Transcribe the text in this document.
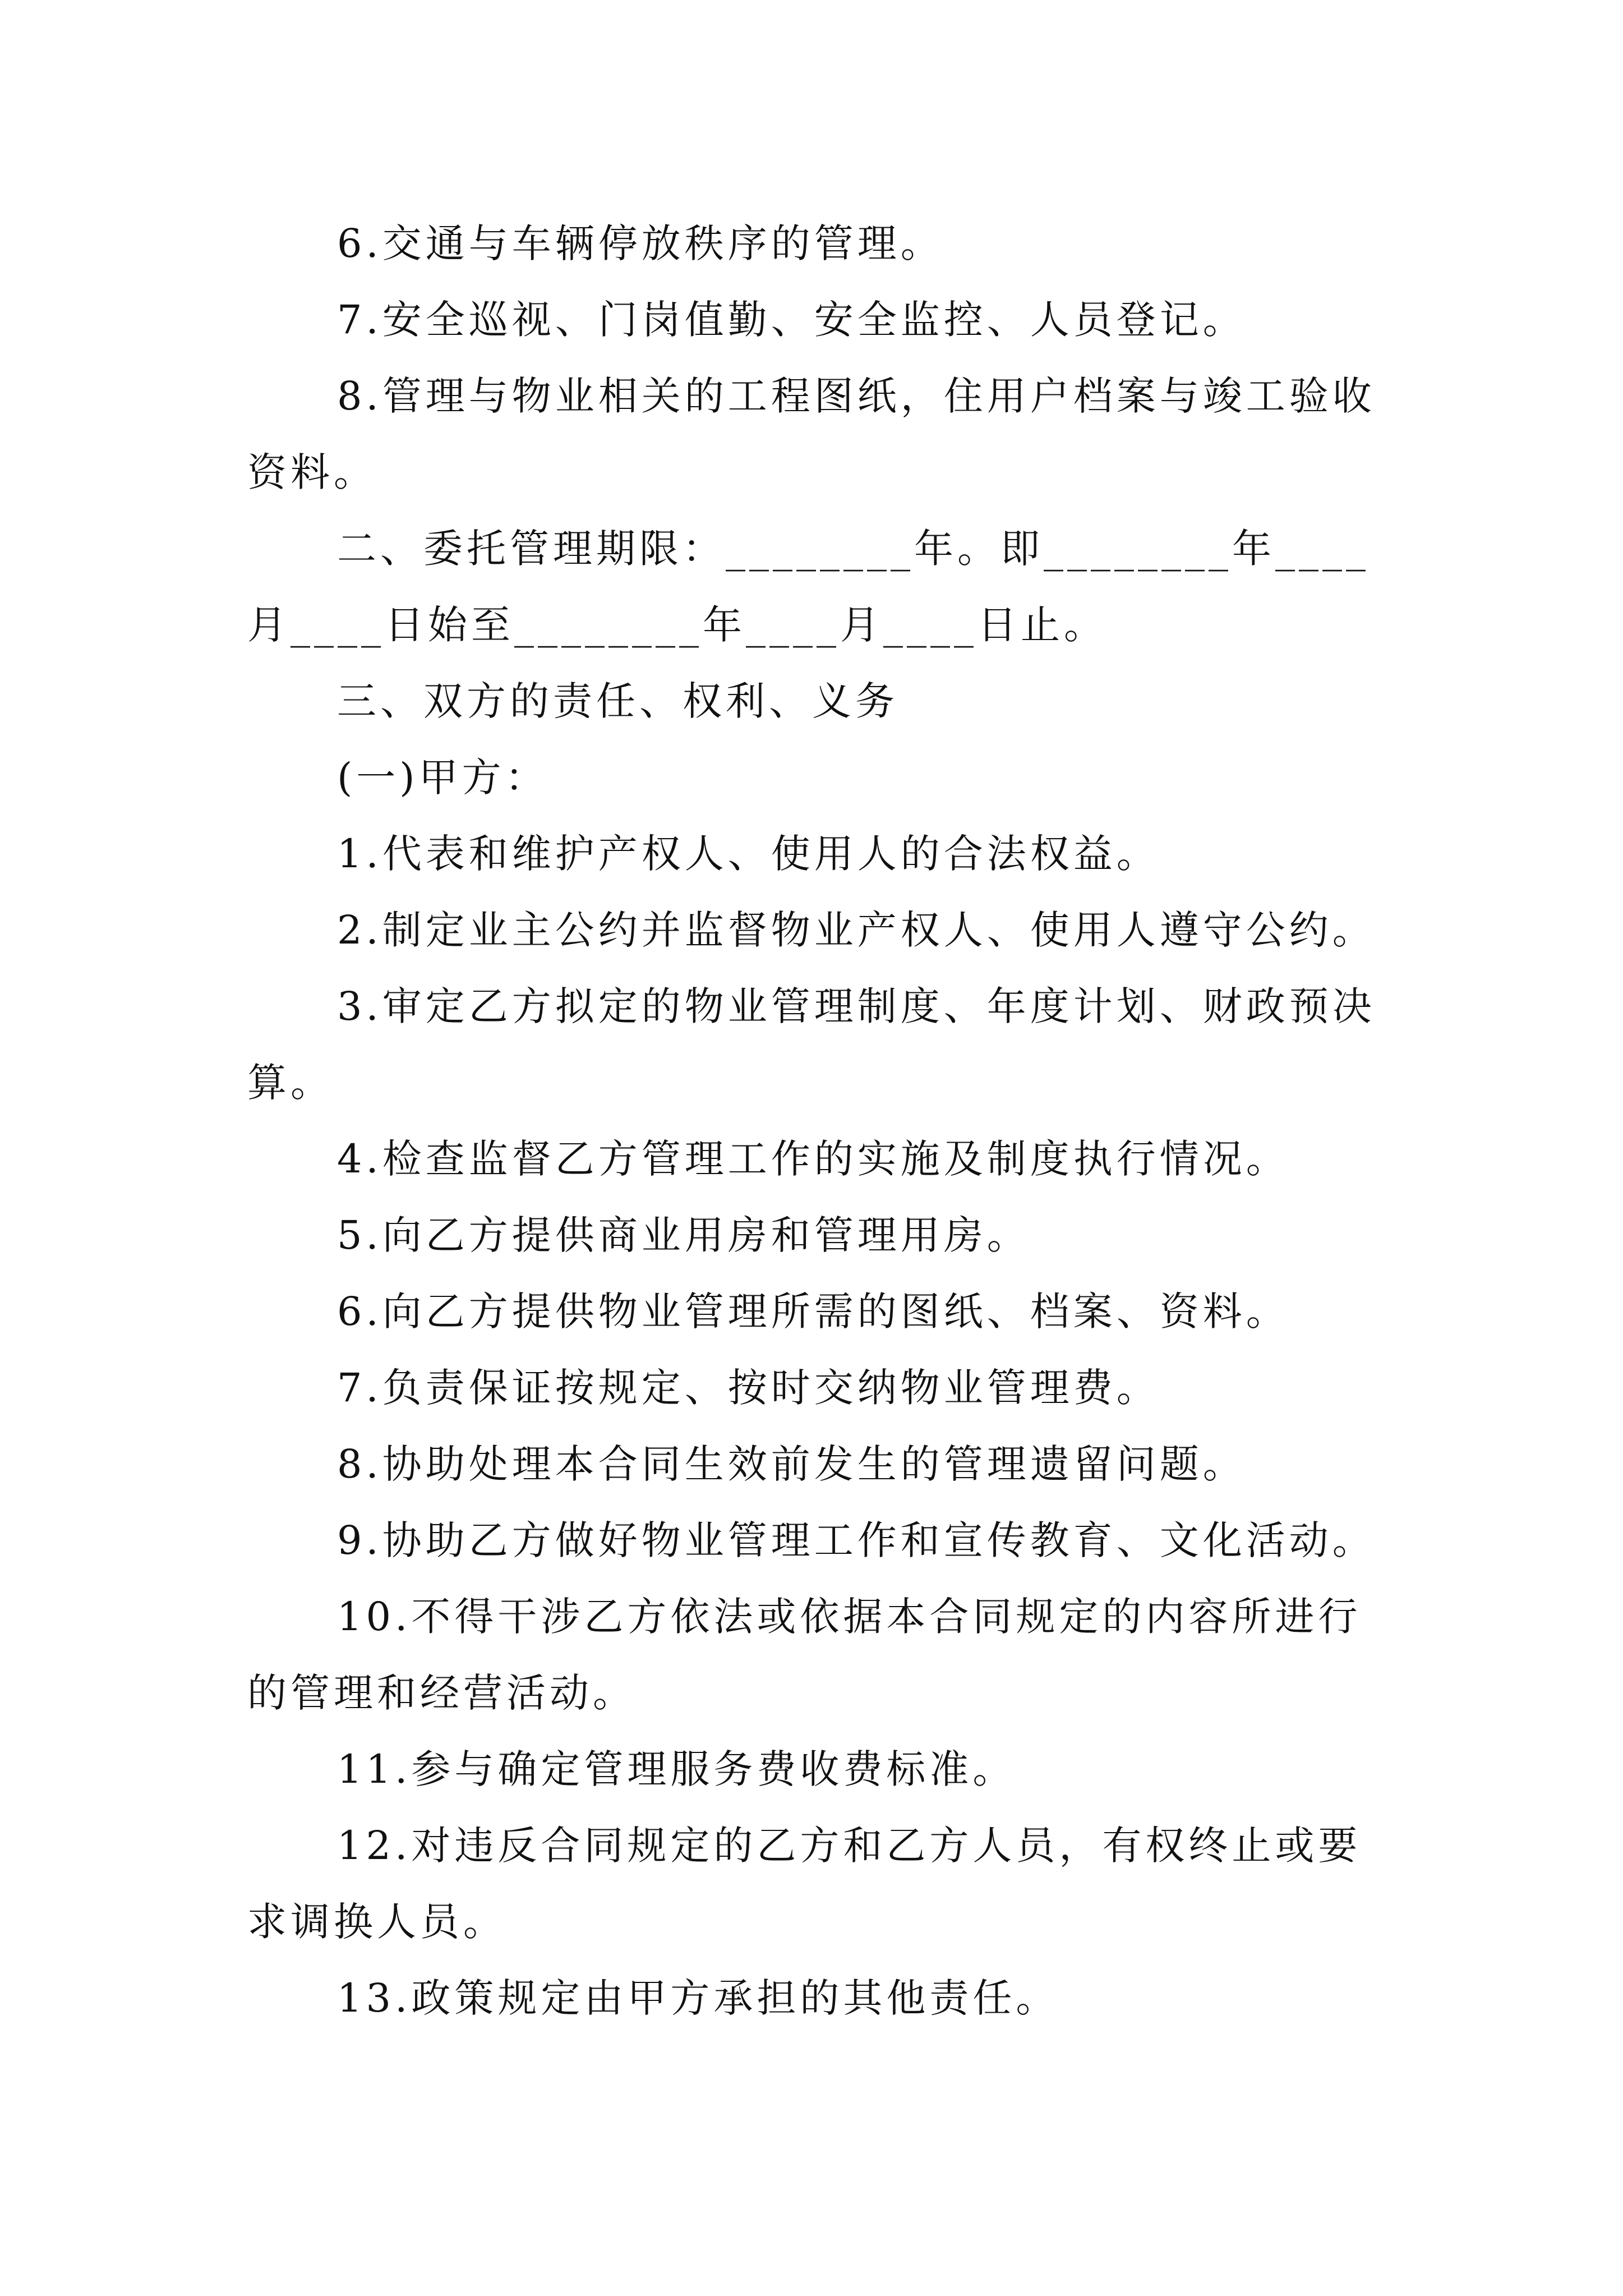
6.交通与车辆停放秩序的管理。

7.安全巡视、门岗值勤、安全监控、人员登记。

8.管理与物业相关的工程图纸，住用户档案与竣工验收资料。

二、委托管理期限：________年。即________年____月____日始至________年____月____日止。

三、双方的责任、权利、义务

(一)甲方：

1.代表和维护产权人、使用人的合法权益。

2.制定业主公约并监督物业产权人、使用人遵守公约。

3.审定乙方拟定的物业管理制度、年度计划、财政预决算。

4.检查监督乙方管理工作的实施及制度执行情况。

5.向乙方提供商业用房和管理用房。

6.向乙方提供物业管理所需的图纸、档案、资料。

7.负责保证按规定、按时交纳物业管理费。

8.协助处理本合同生效前发生的管理遗留问题。

9.协助乙方做好物业管理工作和宣传教育、文化活动。

10.不得干涉乙方依法或依据本合同规定的内容所进行的管理和经营活动。

11.参与确定管理服务费收费标准。

12.对违反合同规定的乙方和乙方人员，有权终止或要求调换人员。

13.政策规定由甲方承担的其他责任。
